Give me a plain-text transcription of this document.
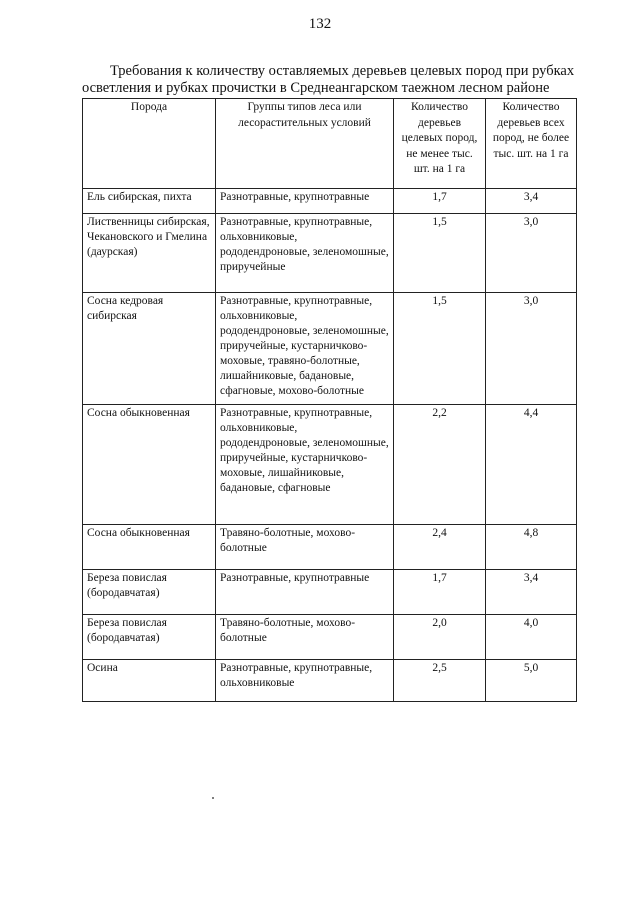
132
Требования к количеству оставляемых деревьев целевых пород при рубках осветления и рубках прочистки в Среднеангарском таежном лесном районе
Порода	Группы типов леса или лесорастительных условий	Количество деревьев целевых пород, не менее тыс. шт. на 1 га	Количество деревьев всех пород, не более тыс. шт. на 1 га
Ель сибирская, пихта	Разнотравные, крупнотравные	1,7	3,4
Лиственницы сибирская, Чекановского и Гмелина (даурская)	Разнотравные, крупнотравные, ольховниковые, рододендроновые, зеленомошные, приручейные	1,5	3,0
Сосна кедровая сибирская	Разнотравные, крупнотравные, ольховниковые, рододендроновые, зеленомошные, приручейные, кустарничково-моховые, травяно-болотные, лишайниковые, бадановые, сфагновые, мохово-болотные	1,5	3,0
Сосна обыкновенная	Разнотравные, крупнотравные, ольховниковые, рододендроновые, зеленомошные, приручейные, кустарничково-моховые, лишайниковые, бадановые, сфагновые	2,2	4,4
Сосна обыкновенная	Травяно-болотные, мохово-болотные	2,4	4,8
Береза повислая (бородавчатая)	Разнотравные, крупнотравные	1,7	3,4
Береза повислая (бородавчатая)	Травяно-болотные, мохово-болотные	2,0	4,0
Осина	Разнотравные, крупнотравные, ольховниковые	2,5	5,0
